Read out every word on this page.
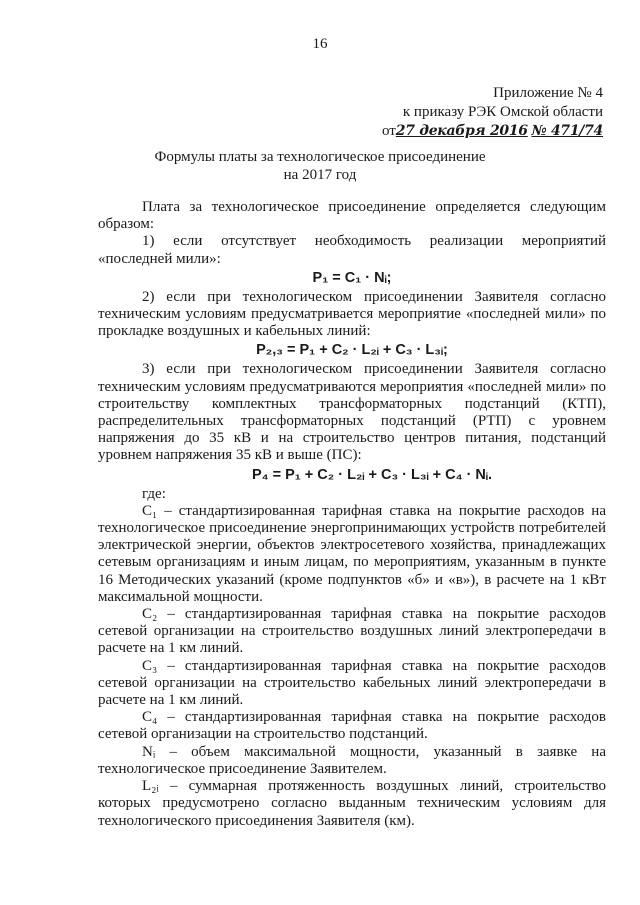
16
Приложение № 4
к приказу РЭК Омской области
от27 декабря 2016 № 471/74
Формулы платы за технологическое присоединение
на 2017 год

Плата за технологическое присоединение определяется следующим образом:

1) если отсутствует необходимость реализации мероприятий «последней мили»:

P₁ = C₁ · Nᵢ;

2) если при технологическом присоединении Заявителя согласно техническим условиям предусматривается мероприятие «последней мили» по прокладке воздушных и кабельных линий:

P₂,₃ = P₁ + C₂ · L₂ᵢ + C₃ · L₃ᵢ;

3) если при технологическом присоединении Заявителя согласно техническим условиям предусматриваются мероприятия «последней мили» по строительству комплектных трансформаторных подстанций (КТП), распределительных трансформаторных подстанций (РТП) с уровнем напряжения до 35 кВ и на строительство центров питания, подстанций уровнем напряжения 35 кВ и выше (ПС):

P₄ = P₁ + C₂ · L₂ᵢ + C₃ · L₃ᵢ + C₄ · Nᵢ.

где:

C₁ – стандартизированная тарифная ставка на покрытие расходов на технологическое присоединение энергопринимающих устройств потребителей электрической энергии, объектов электросетевого хозяйства, принадлежащих сетевым организациям и иным лицам, по мероприятиям, указанным в пункте 16 Методических указаний (кроме подпунктов «б» и «в»), в расчете на 1 кВт максимальной мощности.

C₂ – стандартизированная тарифная ставка на покрытие расходов сетевой организации на строительство воздушных линий электропередачи в расчете на 1 км линий.

C₃ – стандартизированная тарифная ставка на покрытие расходов сетевой организации на строительство кабельных линий электропередачи в расчете на 1 км линий.

C₄ – стандартизированная тарифная ставка на покрытие расходов сетевой организации на строительство подстанций.

Nᵢ – объем максимальной мощности, указанный в заявке на технологическое присоединение Заявителем.

L₂ᵢ – суммарная протяженность воздушных линий, строительство которых предусмотрено согласно выданным техническим условиям для технологического присоединения Заявителя (км).
